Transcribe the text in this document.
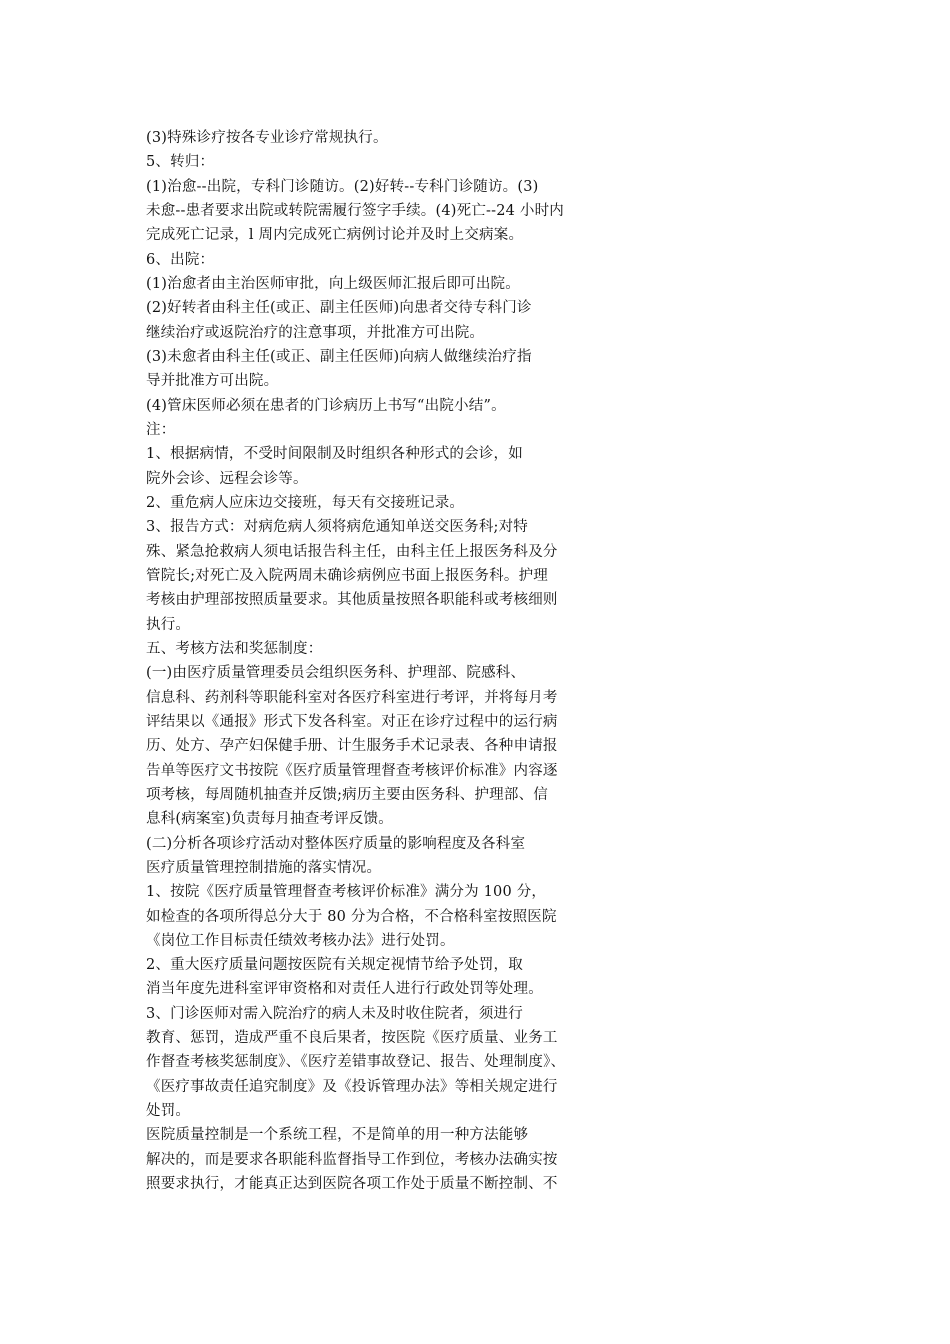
(3)特殊诊疗按各专业诊疗常规执行。
5、转归：
(1)治愈--出院，专科门诊随访。(2)好转--专科门诊随访。(3)
未愈--患者要求出院或转院需履行签字手续。(4)死亡--24 小时内
完成死亡记录，l 周内完成死亡病例讨论并及时上交病案。
6、出院：
(1)治愈者由主治医师审批，向上级医师汇报后即可出院。
(2)好转者由科主任(或正、副主任医师)向患者交待专科门诊
继续治疗或返院治疗的注意事项，并批准方可出院。
(3)未愈者由科主任(或正、副主任医师)向病人做继续治疗指
导并批准方可出院。
(4)管床医师必须在患者的门诊病历上书写“出院小结”。
注：
1、根据病情，不受时间限制及时组织各种形式的会诊，如
院外会诊、远程会诊等。
2、重危病人应床边交接班，每天有交接班记录。
3、报告方式：对病危病人须将病危通知单送交医务科;对特
殊、紧急抢救病人须电话报告科主任，由科主任上报医务科及分
管院长;对死亡及入院两周未确诊病例应书面上报医务科。护理
考核由护理部按照质量要求。其他质量按照各职能科或考核细则
执行。
五、考核方法和奖惩制度：
(一)由医疗质量管理委员会组织医务科、护理部、院感科、
信息科、药剂科等职能科室对各医疗科室进行考评，并将每月考
评结果以《通报》形式下发各科室。对正在诊疗过程中的运行病
历、处方、孕产妇保健手册、计生服务手术记录表、各种申请报
告单等医疗文书按院《医疗质量管理督查考核评价标准》内容逐
项考核，每周随机抽查并反馈;病历主要由医务科、护理部、信
息科(病案室)负责每月抽查考评反馈。
(二)分析各项诊疗活动对整体医疗质量的影响程度及各科室
医疗质量管理控制措施的落实情况。
1、按院《医疗质量管理督查考核评价标准》满分为 100 分，
如检查的各项所得总分大于 80 分为合格，不合格科室按照医院
《岗位工作目标责任绩效考核办法》进行处罚。
2、重大医疗质量问题按医院有关规定视情节给予处罚，取
消当年度先进科室评审资格和对责任人进行行政处罚等处理。
3、门诊医师对需入院治疗的病人未及时收住院者，须进行
教育、惩罚，造成严重不良后果者，按医院《医疗质量、业务工
作督查考核奖惩制度》、《医疗差错事故登记、报告、处理制度》、
《医疗事故责任追究制度》及《投诉管理办法》等相关规定进行
处罚。
医院质量控制是一个系统工程，不是简单的用一种方法能够
解决的，而是要求各职能科监督指导工作到位，考核办法确实按
照要求执行，才能真正达到医院各项工作处于质量不断控制、不
